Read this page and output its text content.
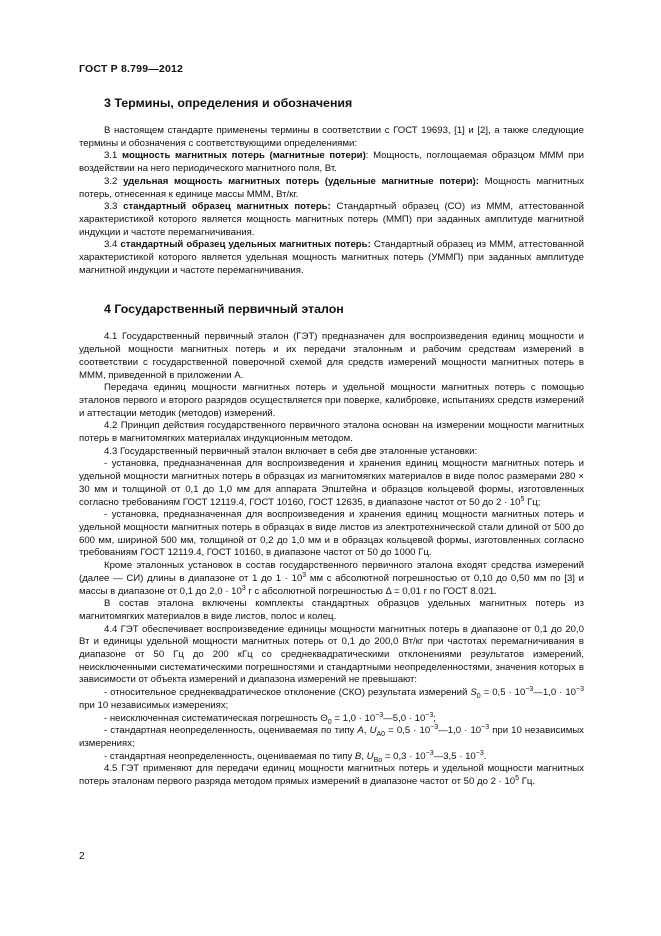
ГОСТ Р 8.799—2012
3 Термины, определения и обозначения

В настоящем стандарте применены термины в соответствии с ГОСТ 19693, [1] и [2], а также следующие термины и обозначения с соответствующими определениями:

3.1 мощность магнитных потерь (магнитные потери): Мощность, поглощаемая образцом МММ при воздействии на него периодического магнитного поля, Вт.

3.2 удельная мощность магнитных потерь (удельные магнитные потери): Мощность магнитных потерь, отнесенная к единице массы МММ, Вт/кг.

3.3 стандартный образец магнитных потерь: Стандартный образец (СО) из МММ, аттестованной характеристикой которого является мощность магнитных потерь (ММП) при заданных амплитуде магнитной индукции и частоте перемагничивания.

3.4 стандартный образец удельных магнитных потерь: Стандартный образец из МММ, аттестованной характеристикой которого является удельная мощность магнитных потерь (УММП) при заданных амплитуде магнитной индукции и частоте перемагничивания.

4 Государственный первичный эталон

4.1 Государственный первичный эталон (ГЭТ) предназначен для воспроизведения единиц мощности и удельной мощности магнитных потерь и их передачи эталонным и рабочим средствам измерений в соответствии с государственной поверочной схемой для средств измерений мощности магнитных потерь в МММ, приведенной в приложении А.

Передача единиц мощности магнитных потерь и удельной мощности магнитных потерь с помощью эталонов первого и второго разрядов осуществляется при поверке, калибровке, испытаниях средств измерений и аттестации методик (методов) измерений.

4.2 Принцип действия государственного первичного эталона основан на измерении мощности магнитных потерь в магнитомягких материалах индукционным методом.

4.3 Государственный первичный эталон включает в себя две эталонные установки:

- установка, предназначенная для воспроизведения и хранения единиц мощности магнитных потерь и удельной мощности магнитных потерь в образцах из магнитомягких материалов в виде полос размерами 280 × 30 мм и толщиной от 0,1 до 1,0 мм для аппарата Эпштейна и образцов кольцевой формы, изготовленных согласно требованиям ГОСТ 12119.4, ГОСТ 10160, ГОСТ 12635, в диапазоне частот от 50 до $2 \cdot 10^5$ Гц;

- установка, предназначенная для воспроизведения и хранения единиц мощности магнитных потерь и удельной мощности магнитных потерь в образцах в виде листов из электротехнической стали длиной от 500 до 600 мм, шириной 500 мм, толщиной от 0,2 до 1,0 мм и в образцах кольцевой формы, изготовленных согласно требованиям ГОСТ 12119.4, ГОСТ 10160, в диапазоне частот от 50 до 1000 Гц.

Кроме эталонных установок в состав государственного первичного эталона входят средства измерений (далее — СИ) длины в диапазоне от 1 до $1 \cdot 10^3$ мм с абсолютной погрешностью от 0,10 до 0,50 мм по [3] и массы в диапазоне от 0,1 до $2,0 \cdot 10^3$ г с абсолютной погрешностью Δ = 0,01 г по ГОСТ 8.021.

В состав эталона включены комплекты стандартных образцов удельных магнитных потерь из магнитомягких материалов в виде листов, полос и колец.

4.4 ГЭТ обеспечивает воспроизведение единицы мощности магнитных потерь в диапазоне от 0,1 до 20,0 Вт и единицы удельной мощности магнитных потерь от 0,1 до 200,0 Вт/кг при частотах перемагничивания в диапазоне от 50 Гц до 200 кГц со среднеквадратическими отклонениями результатов измерений, неисключенными систематическими погрешностями и стандартными неопределенностями, значения которых в зависимости от объекта измерений и диапазона измерений не превышают:

- относительное среднеквадратическое отклонение (СКО) результата измерений $S_0 = 0,5$ · $10^{-3}—1,0 \cdot 10^{-3}$ при 10 независимых измерениях;

- неисключенная систематическая погрешность $\Theta_0 = 1,0$ · $10^{-3}—5,0 \cdot 10^{-3}$;

- стандартная неопределенность, оцениваемая по типу А, $U_{А0} = 0,5$ · $10^{-3}—1,0 \cdot 10^{-3}$ при 10 независимых измерениях;

- стандартная неопределенность, оцениваемая по типу В, $U_{Bо} = 0,3$ · $10^{-3}—3,5 \cdot 10^{-3}$.

4.5 ГЭТ применяют для передачи единиц мощности магнитных потерь и удельной мощности магнитных потерь эталонам первого разряда методом прямых измерений в диапазоне частот от 50 до $2 \cdot 10^5$ Гц.

2
